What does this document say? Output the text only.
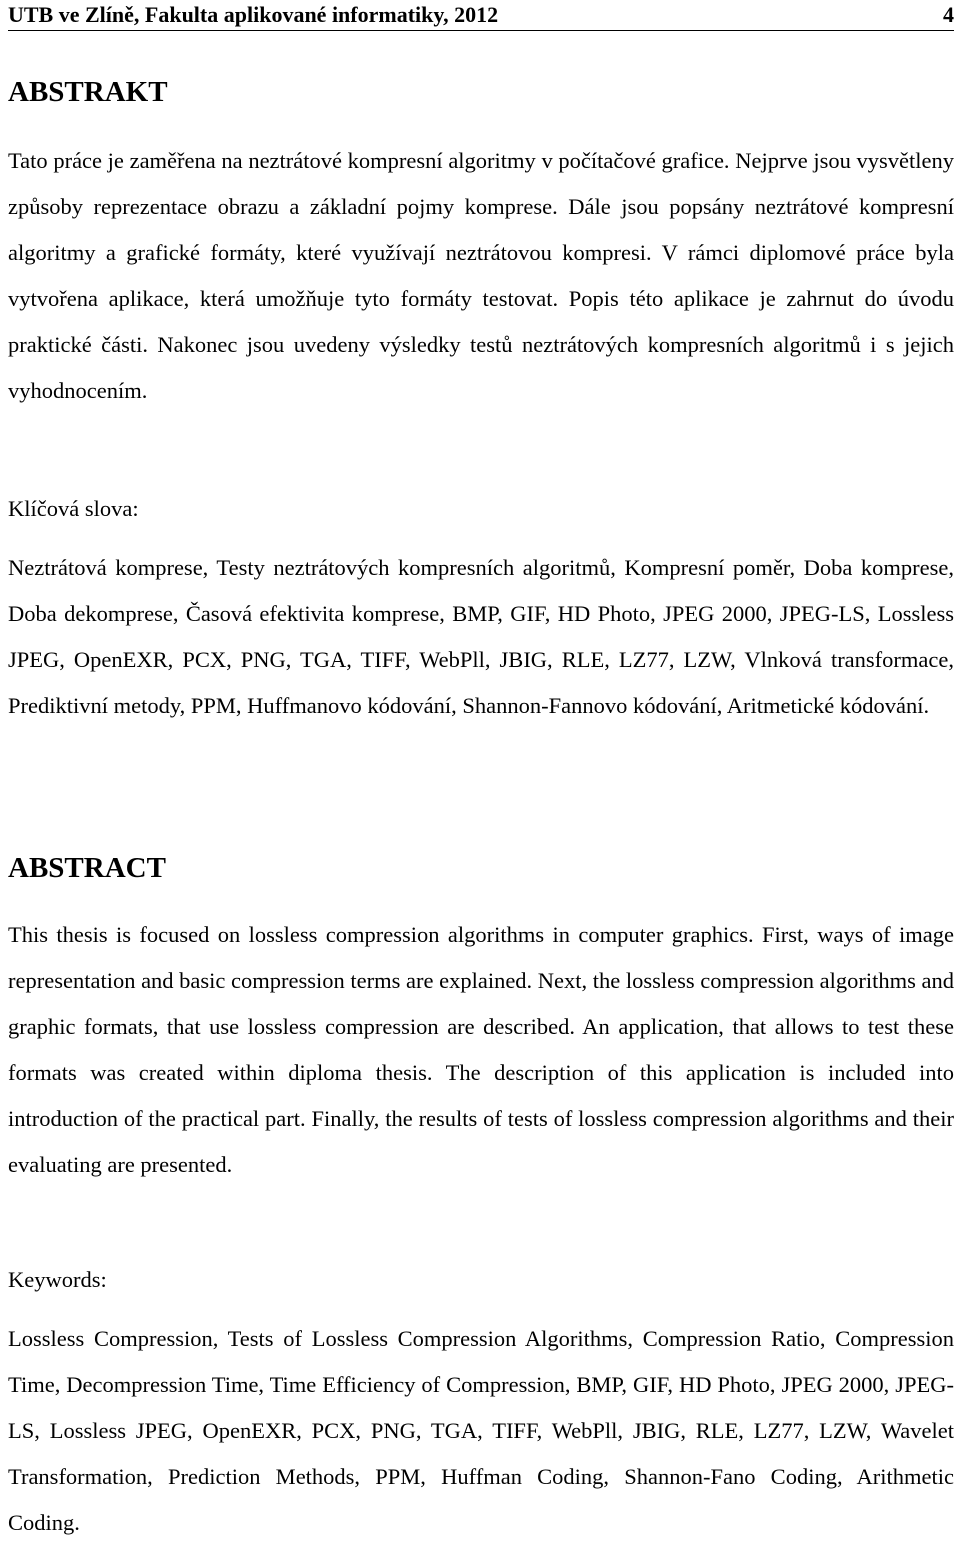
UTB ve Zlíně, Fakulta aplikované informatiky, 2012	4
ABSTRAKT

Tato práce je zaměřena na neztrátové kompresní algoritmy v počítačové grafice. Nejprve jsou vysvětleny způsoby reprezentace obrazu a základní pojmy komprese. Dále jsou popsány neztrátové kompresní algoritmy a grafické formáty, které využívají neztrátovou kompresi. V rámci diplomové práce byla vytvořena aplikace, která umožňuje tyto formáty testovat. Popis této aplikace je zahrnut do úvodu praktické části. Nakonec jsou uvedeny výsledky testů neztrátových kompresních algoritmů i s jejich vyhodnocením.

Klíčová slova:

Neztrátová komprese, Testy neztrátových kompresních algoritmů, Kompresní poměr, Doba komprese, Doba dekomprese, Časová efektivita komprese, BMP, GIF, HD Photo, JPEG 2000, JPEG-LS, Lossless JPEG, OpenEXR, PCX, PNG, TGA, TIFF, WebPll, JBIG, RLE, LZ77, LZW, Vlnková transformace, Prediktivní metody, PPM, Huffmanovo kódování, Shannon-Fannovo kódování, Aritmetické kódování.

ABSTRACT

This thesis is focused on lossless compression algorithms in computer graphics. First, ways of image representation and basic compression terms are explained. Next, the lossless compression algorithms and graphic formats, that use lossless compression are described. An application, that allows to test these formats was created within diploma thesis. The description of this application is included into introduction of the practical part. Finally, the results of tests of lossless compression algorithms and their evaluating are presented.

Keywords:

Lossless Compression, Tests of Lossless Compression Algorithms, Compression Ratio, Compression Time, Decompression Time, Time Efficiency of Compression, BMP, GIF, HD Photo, JPEG 2000, JPEG-LS, Lossless JPEG, OpenEXR, PCX, PNG, TGA, TIFF, WebPll, JBIG, RLE, LZ77, LZW, Wavelet Transformation, Prediction Methods, PPM, Huffman Coding, Shannon-Fano Coding, Arithmetic Coding.
